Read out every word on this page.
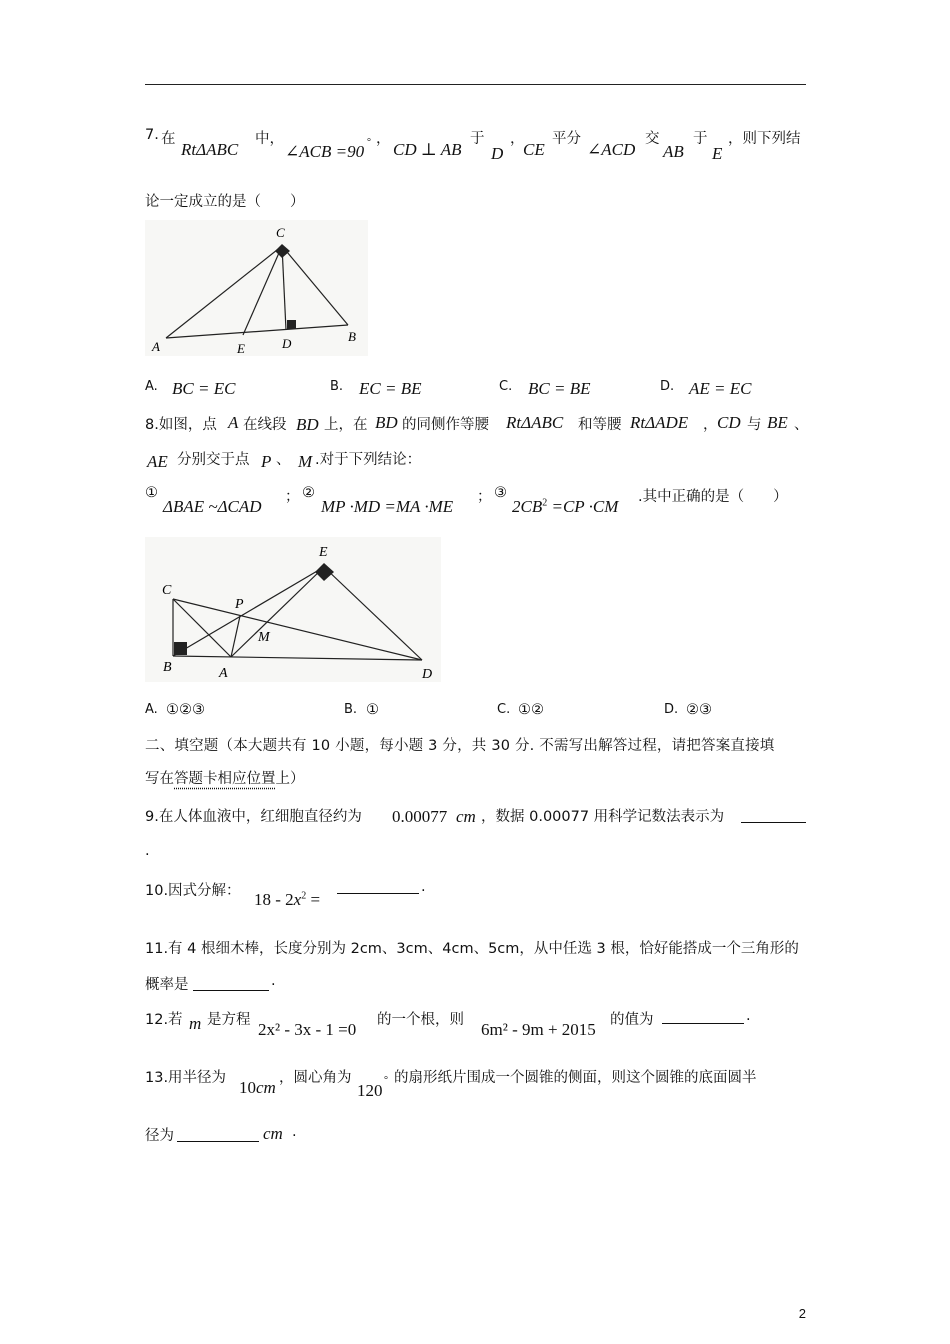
7. 在
RtΔABC
中，
∠ACB =90 ° ，
CD ⊥ AB
于
D
，
CE
平分
∠ACD
交
AB
于
E
，则下列结
论一定成立的是（　　）
C
A	E	D	B
A. BC = EC	B. EC = BE	C. BC = BE	D. AE = EC
8.如图，点 A 在线段 BD 上，在 BD 的同侧作等腰 RtΔABC 和等腰 RtΔADE ， CD 与 BE 、
AE 分别交于点 P 、 M .对于下列结论：
①
ΔBAE ~ΔCAD ； ②
MP ·MD =MA ·ME ； ③
$2CB^2 =CP \cdot CM$ .其中正确的是（　　）
E
C
P
M
B	A	D
A. ①②③	B. ①	C. ①②	D. ②③
二、填空题（本大题共有 10 小题，每小题 3 分，共 30 分. 不需写出解答过程，请把答案直接填
写在答题卡相应位置上）
9.在人体血液中，红细胞直径约为 0.00077 cm ，数据 0.00077 用科学记数法表示为
.
10.因式分解： $18 - 2x^2$ =
.
11.有 4 根细木棒，长度分别为 2cm、3cm、4cm、5cm，从中任选 3 根，恰好能搭成一个三角形的
概率是	.
12.若 m 是方程 2x² - 3x - 1 =0 的一个根，则 6m² - 9m + 2015 的值为	.
13.用半径为 10cm ，圆心角为
120
° 的扇形纸片围成一个圆锥的侧面，则这个圆锥的底面圆半
径为	cm .
2
